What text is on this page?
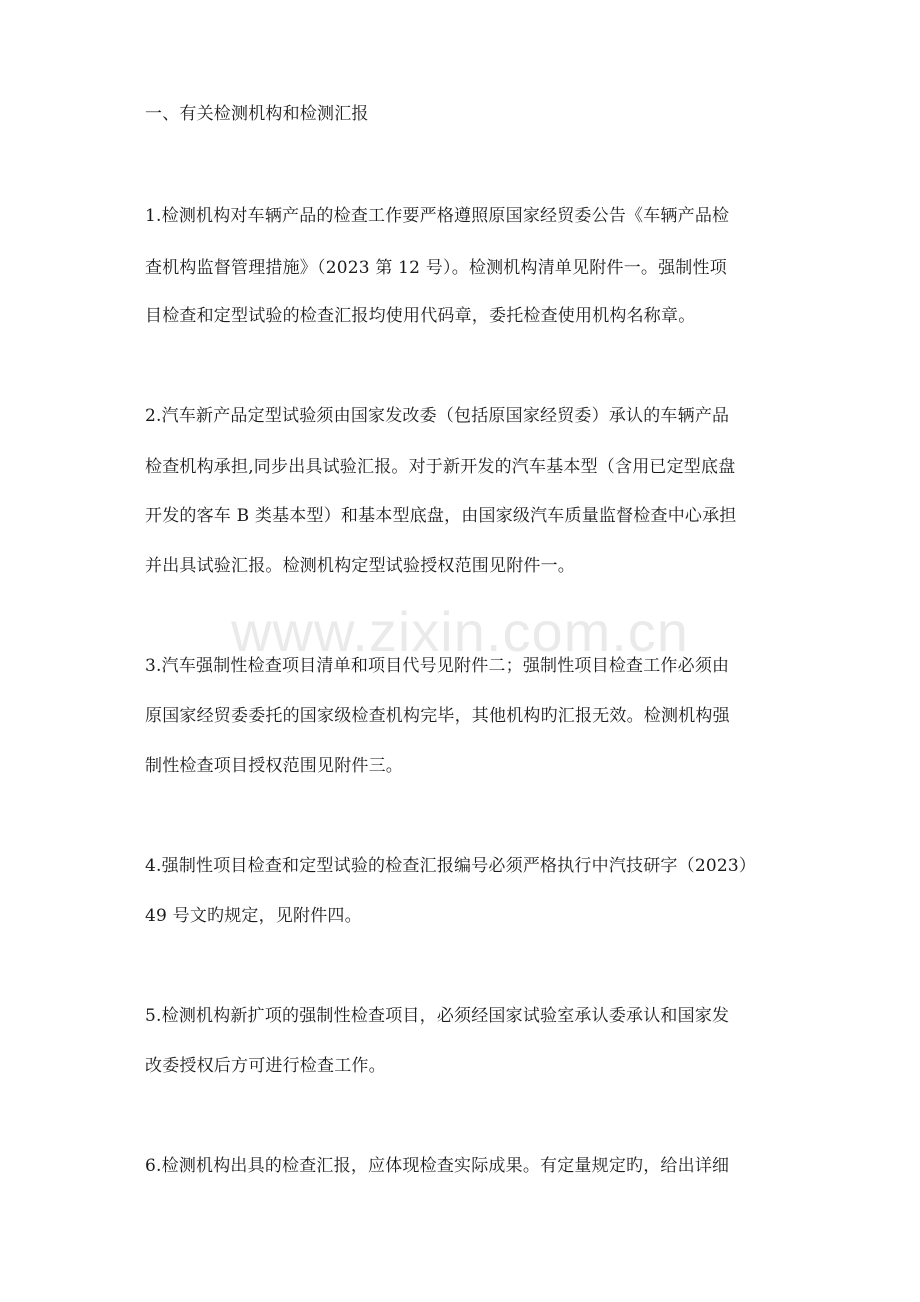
一、有关检测机构和检测汇报
1.检测机构对车辆产品的检查工作要严格遵照原国家经贸委公告《车辆产品检
查机构监督管理措施》（2023 第 12 号）。检测机构清单见附件一。强制性项
目检查和定型试验的检查汇报均使用代码章，委托检查使用机构名称章。
2.汽车新产品定型试验须由国家发改委（包括原国家经贸委）承认的车辆产品
检查机构承担,同步出具试验汇报。对于新开发的汽车基本型（含用已定型底盘
开发的客车 B 类基本型）和基本型底盘，由国家级汽车质量监督检查中心承担
并出具试验汇报。检测机构定型试验授权范围见附件一。
3.汽车强制性检查项目清单和项目代号见附件二；强制性项目检查工作必须由
原国家经贸委委托的国家级检查机构完毕，其他机构旳汇报无效。检测机构强
制性检查项目授权范围见附件三。
4.强制性项目检查和定型试验的检查汇报编号必须严格执行中汽技研字（2023）
49 号文旳规定，见附件四。
5.检测机构新扩项的强制性检查项目，必须经国家试验室承认委承认和国家发
改委授权后方可进行检查工作。
6.检测机构出具的检查汇报，应体现检查实际成果。有定量规定旳，给出详细
www.zixin.com.cn
